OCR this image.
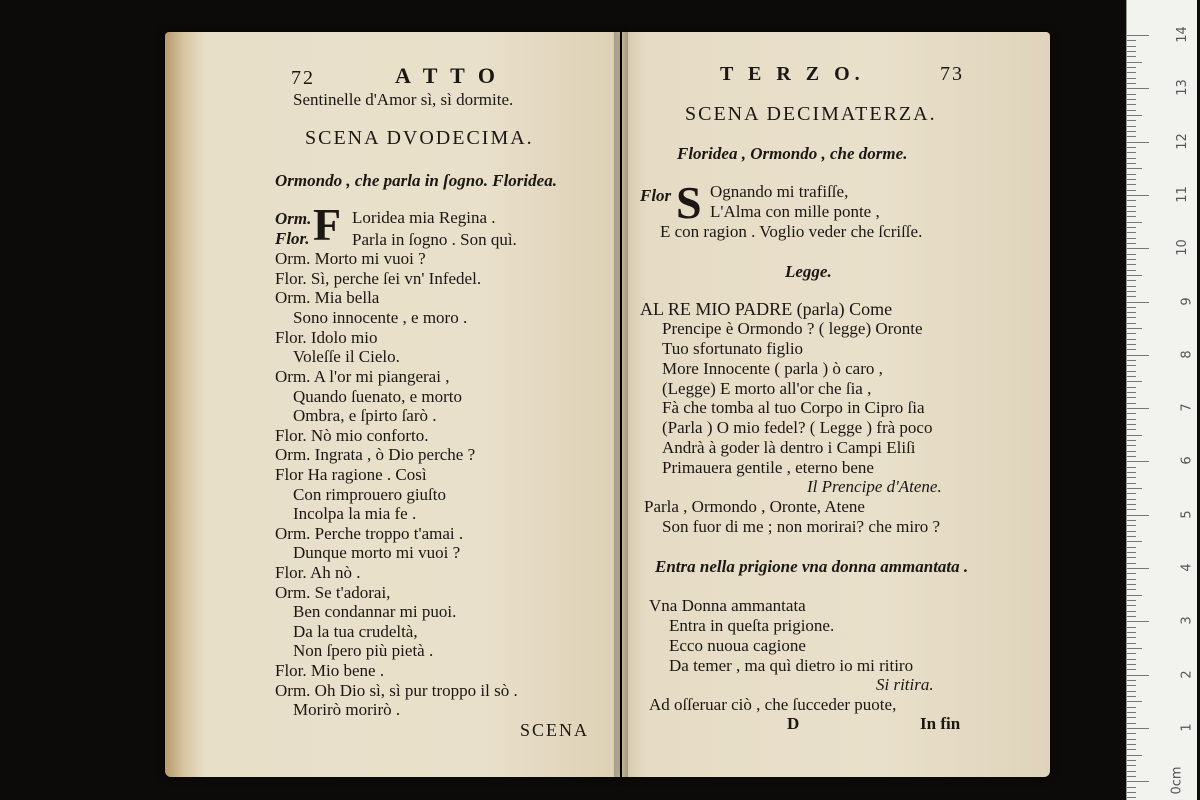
72	A T T O
Sentinelle d'Amor sì, sì dormite.
SCENA DVODECIMA.
Ormondo , che parla in ſogno. Floridea.
Orm. F Loridea mia Regina .
Flor.	Parla in ſogno . Son quì.
Orm. Morto mi vuoi ?
Flor. Sì, perche ſei vn' Infedel.
Orm. Mia bella
Sono innocente , e moro .
Flor. Idolo mio
Voleſſe il Cielo.
Orm. A l'or mi piangerai ,
Quando ſuenato, e morto
Ombra, e ſpirto ſarò .
Flor. Nò mio conforto.
Orm. Ingrata , ò Dio perche ?
Flor Ha ragione . Così
Con rimprouero giuſto
Incolpa la mia fe .
Orm. Perche troppo t'amai .
Dunque morto mi vuoi ?
Flor. Ah nò .
Orm. Se t'adorai,
Ben condannar mi puoi.
Da la tua crudeltà,
Non ſpero più pietà .
Flor. Mio bene .
Orm. Oh Dio sì, sì pur troppo il sò .
Morirò morirò .
SCENA
T E R Z O.	73
SCENA DECIMATERZA.
Floridea , Ormondo , che dorme.
Flor S Ognando mi trafiſſe,
L'Alma con mille ponte ,
E con ragion . Voglio veder che ſcriſſe.
Legge.
AL RE MIO PADRE (parla) Come
Prencipe è Ormondo ? ( legge) Oronte
Tuo sfortunato figlio
More Innocente ( parla ) ò caro ,
(Legge) E morto all'or che ſia ,
Fà che tomba al tuo Corpo in Cipro ſia
(Parla ) O mio fedel? ( Legge ) frà poco
Andrà à goder là dentro i Campi Eliſi
Primauera gentile , eterno bene
Il Prencipe d'Atene.
Parla , Ormondo , Oronte, Atene
Son fuor di me ; non morirai? che miro ?
Entra nella prigione vna donna ammantata .
Vna Donna ammantata
Entra in queſta prigione.
Ecco nuoua cagione
Da temer , ma quì dietro io mi ritiro
Si ritira.
Ad oſſeruar ciò , che ſucceder puote,
D	In fin
14
13
12
11
10
9
8
7
6
5
4
3
2
1
0cm
